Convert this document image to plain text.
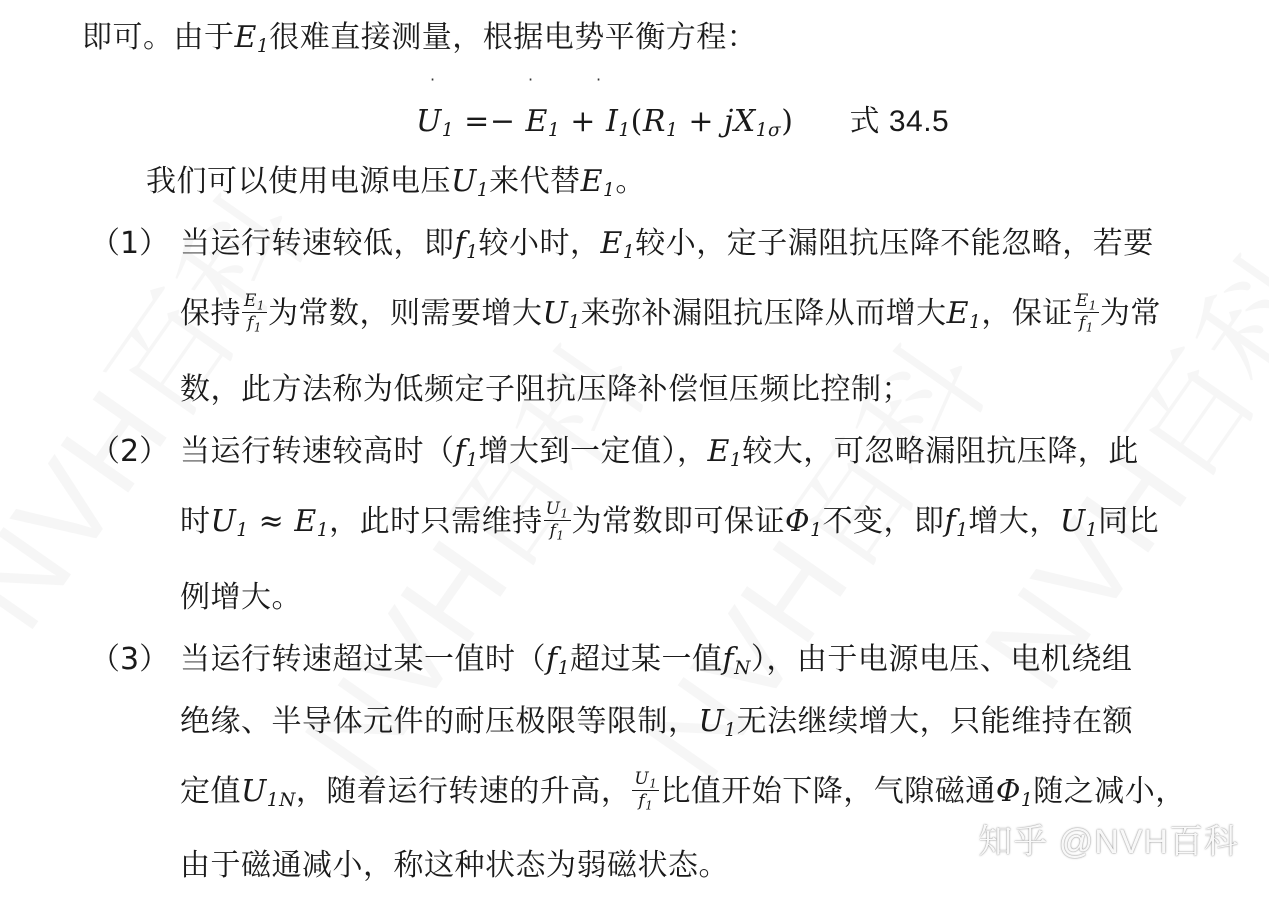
即可。由于$E_1$很难直接测量，根据电势平衡方程：
·	·	·
$U_1 =- E_1 + I_1(R_1 + jX_{1\sigma})$ 式 34.5
我们可以使用电源电压$U_1$来代替$E_1$。
（1） 当运行转速较低，即$f_1$较小时，$E_1$较小，定子漏阻抗压降不能忽略，若要
保持 $\frac{E_1}{f_1}$ 为常数，则需要增大$U_1$来弥补漏阻抗压降从而增大$E_1$，保证 $\frac{E_1}{f_1}$ 为常
数，此方法称为低频定子阻抗压降补偿恒压频比控制；
（2） 当运行转速较高时（$f_1$增大到一定值），$E_1$较大，可忽略漏阻抗压降，此
时$U_1 \approx E_1$，此时只需维持 $\frac{U_1}{f_1}$ 为常数即可保证$\Phi_1$不变，即$f_1$增大，$U_1$同比
例增大。
（3） 当运行转速超过某一值时（$f_1$超过某一值$f_N$），由于电源电压、电机绕组
绝缘、半导体元件的耐压极限等限制，$U_1$无法继续增大，只能维持在额
定值$U_{1N}$，随着运行转速的升高， $\frac{U_1}{f_1}$ 比值开始下降，气隙磁通$\Phi_1$随之减小，
由于磁通减小，称这种状态为弱磁状态。
知乎 @NVH百科
